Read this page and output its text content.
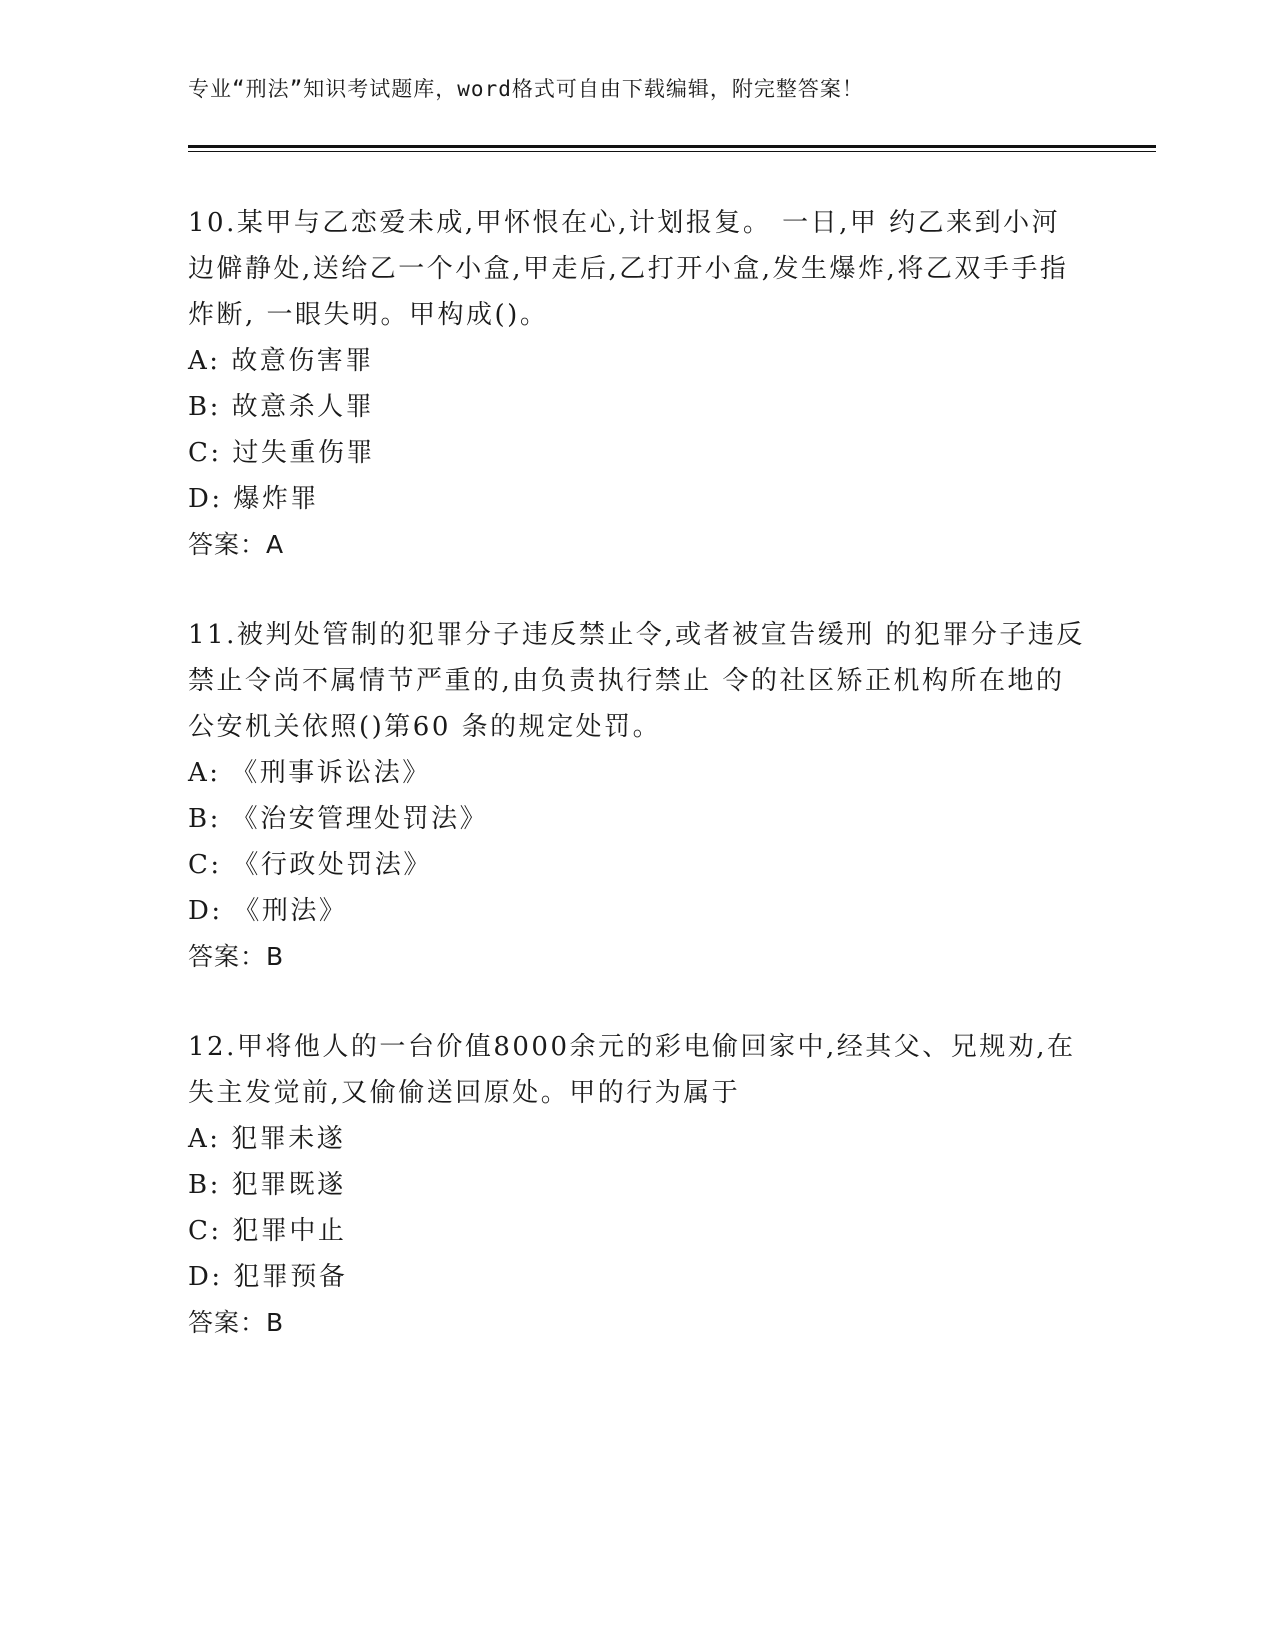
专业“刑法”知识考试题库，word格式可自由下载编辑，附完整答案！
10.某甲与乙恋爱未成,甲怀恨在心,计划报复。 一日,甲 约乙来到小河边僻静处,送给乙一个小盒,甲走后,乙打开小盒,发生爆炸,将乙双手手指炸断, 一眼失明。甲构成()。
A: 故意伤害罪
B: 故意杀人罪
C: 过失重伤罪
D: 爆炸罪
答案：A
11.被判处管制的犯罪分子违反禁止令,或者被宣告缓刑 的犯罪分子违反禁止令尚不属情节严重的,由负责执行禁止 令的社区矫正机构所在地的公安机关依照()第60 条的规定处罚。
A: 《刑事诉讼法》
B: 《治安管理处罚法》
C: 《行政处罚法》
D: 《刑法》
答案：B
12.甲将他人的一台价值8000余元的彩电偷回家中,经其父、兄规劝,在失主发觉前,又偷偷送回原处。甲的行为属于
A: 犯罪未遂
B: 犯罪既遂
C: 犯罪中止
D: 犯罪预备
答案：B
